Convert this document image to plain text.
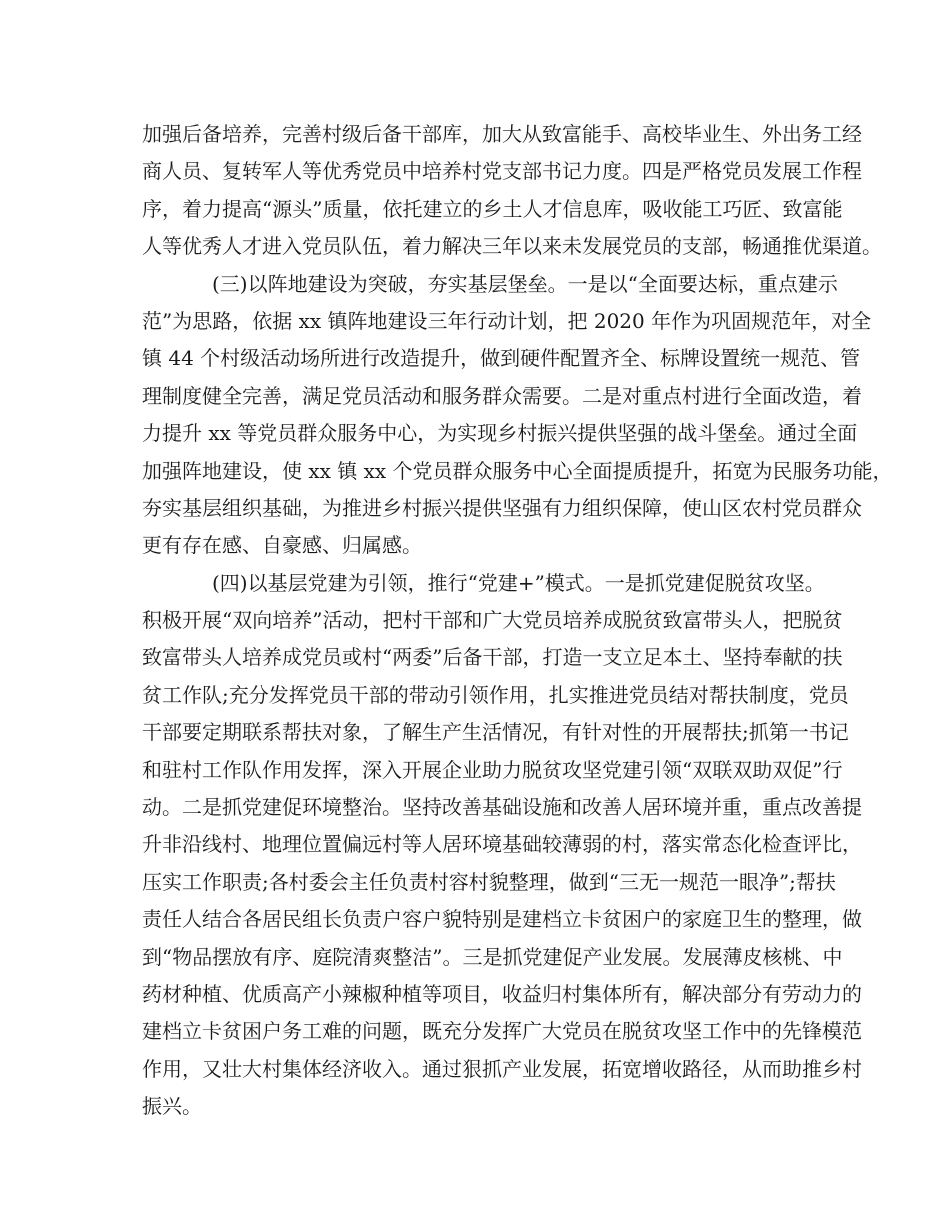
加强后备培养，完善村级后备干部库，加大从致富能手、高校毕业生、外出务工经
商人员、复转军人等优秀党员中培养村党支部书记力度。四是严格党员发展工作程
序，着力提高“源头”质量，依托建立的乡土人才信息库，吸收能工巧匠、致富能
人等优秀人才进入党员队伍，着力解决三年以来未发展党员的支部，畅通推优渠道。
(三)以阵地建设为突破，夯实基层堡垒。一是以“全面要达标，重点建示
范”为思路，依据 xx 镇阵地建设三年行动计划，把 2020 年作为巩固规范年，对全
镇 44 个村级活动场所进行改造提升，做到硬件配置齐全、标牌设置统一规范、管
理制度健全完善，满足党员活动和服务群众需要。二是对重点村进行全面改造，着
力提升 xx 等党员群众服务中心，为实现乡村振兴提供坚强的战斗堡垒。通过全面
加强阵地建设，使 xx 镇 xx 个党员群众服务中心全面提质提升，拓宽为民服务功能，
夯实基层组织基础，为推进乡村振兴提供坚强有力组织保障，使山区农村党员群众
更有存在感、自豪感、归属感。
(四)以基层党建为引领，推行“党建+”模式。一是抓党建促脱贫攻坚。
积极开展“双向培养”活动，把村干部和广大党员培养成脱贫致富带头人，把脱贫
致富带头人培养成党员或村“两委”后备干部，打造一支立足本土、坚持奉献的扶
贫工作队;充分发挥党员干部的带动引领作用，扎实推进党员结对帮扶制度，党员
干部要定期联系帮扶对象，了解生产生活情况，有针对性的开展帮扶;抓第一书记
和驻村工作队作用发挥，深入开展企业助力脱贫攻坚党建引领“双联双助双促”行
动。二是抓党建促环境整治。坚持改善基础设施和改善人居环境并重，重点改善提
升非沿线村、地理位置偏远村等人居环境基础较薄弱的村，落实常态化检查评比，
压实工作职责;各村委会主任负责村容村貌整理，做到“三无一规范一眼净”;帮扶
责任人结合各居民组长负责户容户貌特别是建档立卡贫困户的家庭卫生的整理，做
到“物品摆放有序、庭院清爽整洁”。三是抓党建促产业发展。发展薄皮核桃、中
药材种植、优质高产小辣椒种植等项目，收益归村集体所有，解决部分有劳动力的
建档立卡贫困户务工难的问题，既充分发挥广大党员在脱贫攻坚工作中的先锋模范
作用，又壮大村集体经济收入。通过狠抓产业发展，拓宽增收路径，从而助推乡村
振兴。
